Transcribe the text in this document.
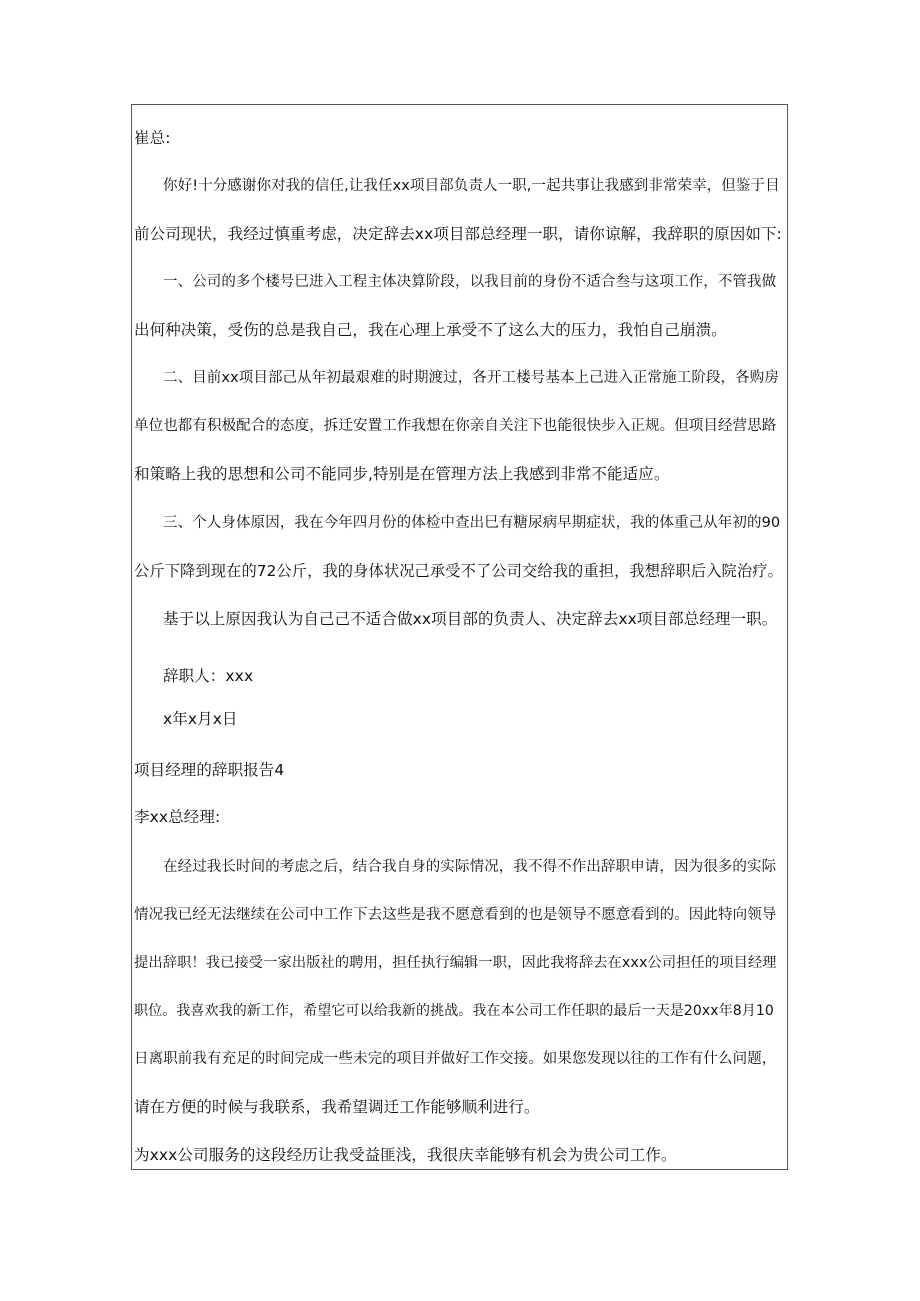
崔总:
你好!十分感谢你对我的信任,让我任xx项目部负责人一职,一起共事让我感到非常荣幸，但鉴于目
前公司现状，我经过慎重考虑，决定辞去xx项目部总经理一职，请你谅解，我辞职的原因如下:
一、公司的多个楼号巳进入工程主体决算阶段，以我目前的身份不适合叁与这项工作，不管我做
出何种决策，受伤的总是我自己，我在心理上承受不了这么大的压力，我怕自己崩溃。
二、目前xx项目部己从年初最艰难的时期渡过，各开工楼号基本上己进入正常施工阶段，各购房
单位也都有积极配合的态度，拆迁安置工作我想在你亲自关注下也能很快步入正规。但项目经营思路
和策略上我的思想和公司不能同步,特别是在管理方法上我感到非常不能适应。
三、个人身体原因，我在今年四月份的体检中查出巳有糖尿病早期症状，我的体重己从年初的90
公斤下降到现在的72公斤，我的身体状况己承受不了公司交给我的重担，我想辞职后入院治疗。
基于以上原因我认为自己己不适合做xx项目部的负责人、决定辞去xx项目部总经理一职。
辞职人：xxx
x年x月x日
项目经理的辞职报告4
李xx总经理:
在经过我长时间的考虑之后，结合我自身的实际情况，我不得不作出辞职申请，因为很多的实际
情况我已经无法继续在公司中工作下去这些是我不愿意看到的也是领导不愿意看到的。因此特向领导
提出辞职！我已接受一家出版社的聘用，担任执行编辑一职，因此我将辞去在xxx公司担任的项目经理
职位。我喜欢我的新工作，希望它可以给我新的挑战。我在本公司工作任职的最后一天是20xx年8月10
日离职前我有充足的时间完成一些未完的项目并做好工作交接。如果您发现以往的工作有什么问题，
请在方便的时候与我联系，我希望调迁工作能够顺利进行。
为xxx公司服务的这段经历让我受益匪浅，我很庆幸能够有机会为贵公司工作。
